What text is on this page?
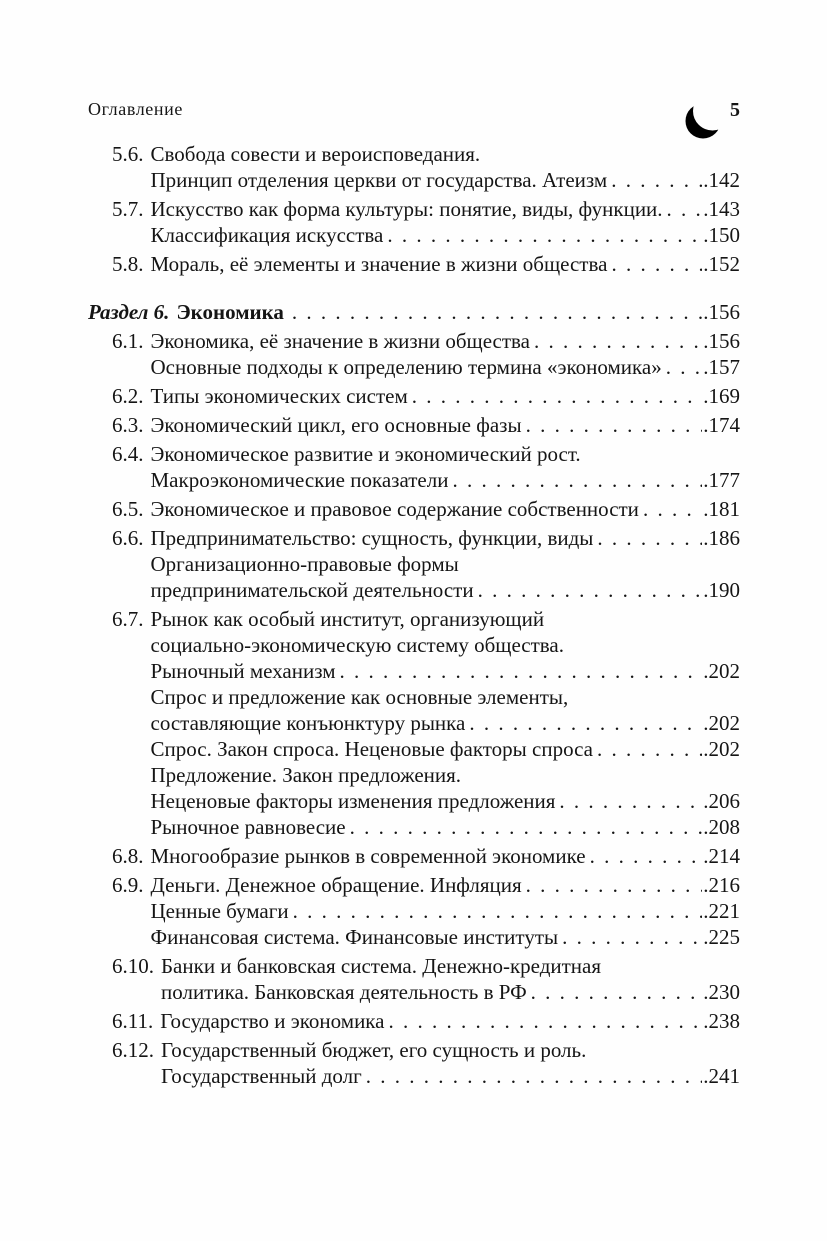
Оглавление	5
5.6. Свобода совести и вероисповедания.
Принцип отделения церкви от государства. Атеизм . . .	. 142
5.7. Искусство как форма культуры: понятие, виды, функции. . . . . 143
Классификация искусства . . .	. 150
5.8. Мораль, её элементы и значение в жизни общества . . .	. 152
Раздел 6. Экономика . . .	. 156
6.1. Экономика, её значение в жизни общества . . .	. 156
Основные подходы к определению термина «экономика» . . . . 157
6.2. Типы экономических систем . . .	. 169
6.3. Экономический цикл, его основные фазы . . .	. 174
6.4. Экономическое развитие и экономический рост.
Макроэкономические показатели . . .	. 177
6.5. Экономическое и правовое содержание собственности . . .	. 181
6.6. Предпринимательство: сущность, функции, виды . . .	. 186
Организационно-правовые формы
предпринимательской деятельности . . .	. 190
6.7. Рынок как особый институт, организующий
социально-экономическую систему общества.
Рыночный механизм . . .	. 202
Спрос и предложение как основные элементы,
составляющие конъюнктуру рынка . . .	. 202
Спрос. Закон спроса. Неценовые факторы спроса . . .	. 202
Предложение. Закон предложения.
Неценовые факторы изменения предложения . . .	. 206
Рыночное равновесие . . .	. 208
6.8. Многообразие рынков в современной экономике . . .	. 214
6.9. Деньги. Денежное обращение. Инфляция . . .	. 216
Ценные бумаги . . .	. 221
Финансовая система. Финансовые институты . . .	. 225
6.10. Банки и банковская система. Денежно-кредитная
политика. Банковская деятельность в РФ . . .	. 230
6.11. Государство и экономика . . .	. 238
6.12. Государственный бюджет, его сущность и роль.
Государственный долг . . .	. 241
